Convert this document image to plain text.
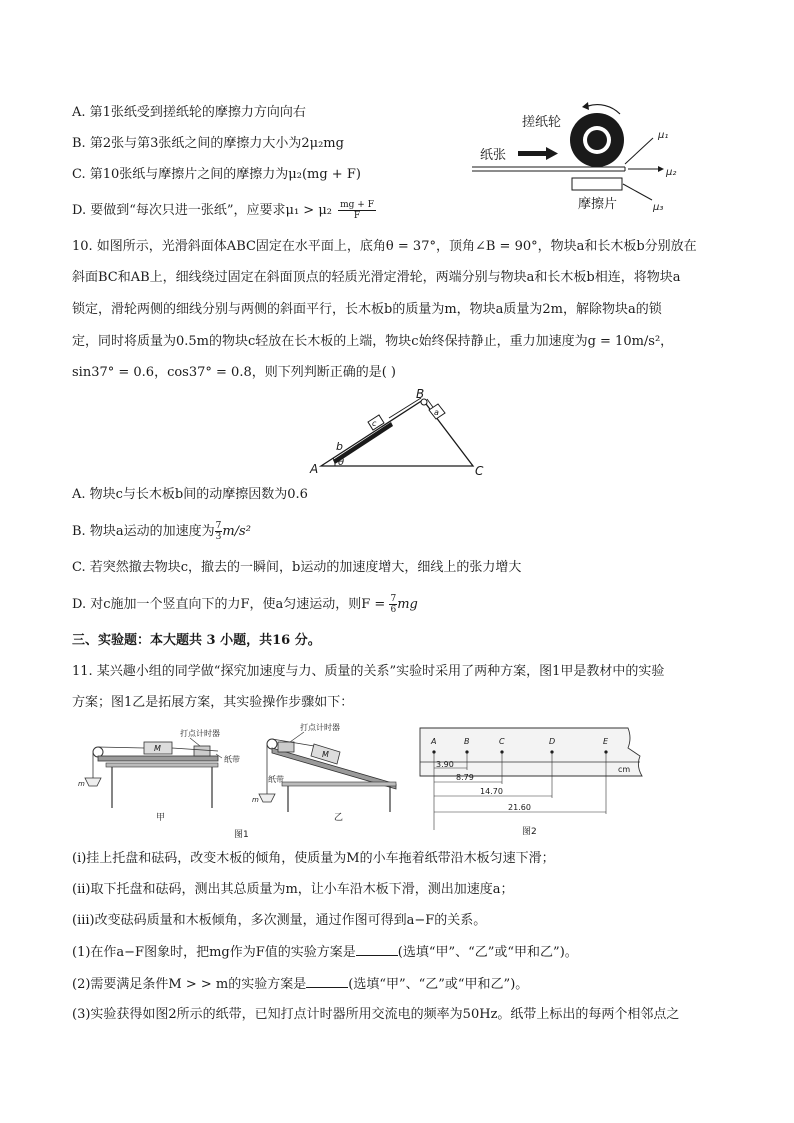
A. 第1张纸受到搓纸轮的摩擦力方向向右
B. 第2张与第3张纸之间的摩擦力大小为2μ₂mg
C. 第10张纸与摩擦片之间的摩擦力为μ₂(mg + F)
D. 要做到“每次只进一张纸”，应要求$\mu_1 > \mu_2 \frac{mg + F}{F}$
搓纸轮
纸张
摩擦片
μ₁
μ₂
μ₃
10. 如图所示，光滑斜面体ABC固定在水平面上，底角θ = 37°，顶角∠B = 90°，物块a和长木板b分别放在
斜面BC和AB上，细线绕过固定在斜面顶点的轻质光滑定滑轮，两端分别与物块a和长木板b相连，将物块a
锁定，滑轮两侧的细线分别与两侧的斜面平行，长木板b的质量为m，物块a质量为2m，解除物块a的锁
定，同时将质量为0.5m的物块c轻放在长木板的上端，物块c始终保持静止，重力加速度为g = 10m/s²，
sin37° = 0.6，cos37° = 0.8，则下列判断正确的是( )
c
a
θ
b
A
B
C
A. 物块c与长木板b间的动摩擦因数为0.6
B. 物块a运动的加速度为 $\frac{7}{3} m/s^2$
C. 若突然撤去物块c，撤去的一瞬间，b运动的加速度增大，细线上的张力增大
D. 对c施加一个竖直向下的力F，使a匀速运动，则$F = \frac{7}{6}$ mg
三、实验题：本大题共 3 小题，共16 分。
11. 某兴趣小组的同学做“探究加速度与力、质量的关系”实验时采用了两种方案，图1甲是教材中的实验
方案；图1乙是拓展方案，其实验操作步骤如下：
M
m
打点计时器
纸带
甲
M
m
打点计时器
纸带
乙
图1
A	B	C	D	E
cm
3.90
8.79
14.70
21.60
图2
(i)挂上托盘和砝码，改变木板的倾角，使质量为M的小车拖着纸带沿木板匀速下滑；
(ii)取下托盘和砝码，测出其总质量为m，让小车沿木板下滑，测出加速度a；
(iii)改变砝码质量和木板倾角，多次测量，通过作图可得到a−F的关系。
(1)在作a−F图象时，把mg作为F值的实验方案是	(选填“甲”、“乙”或“甲和乙”)。
(2)需要满足条件M > > m的实验方案是	(选填“甲”、“乙”或“甲和乙”)。
(3)实验获得如图2所示的纸带，已知打点计时器所用交流电的频率为50Hz。纸带上标出的每两个相邻点之
